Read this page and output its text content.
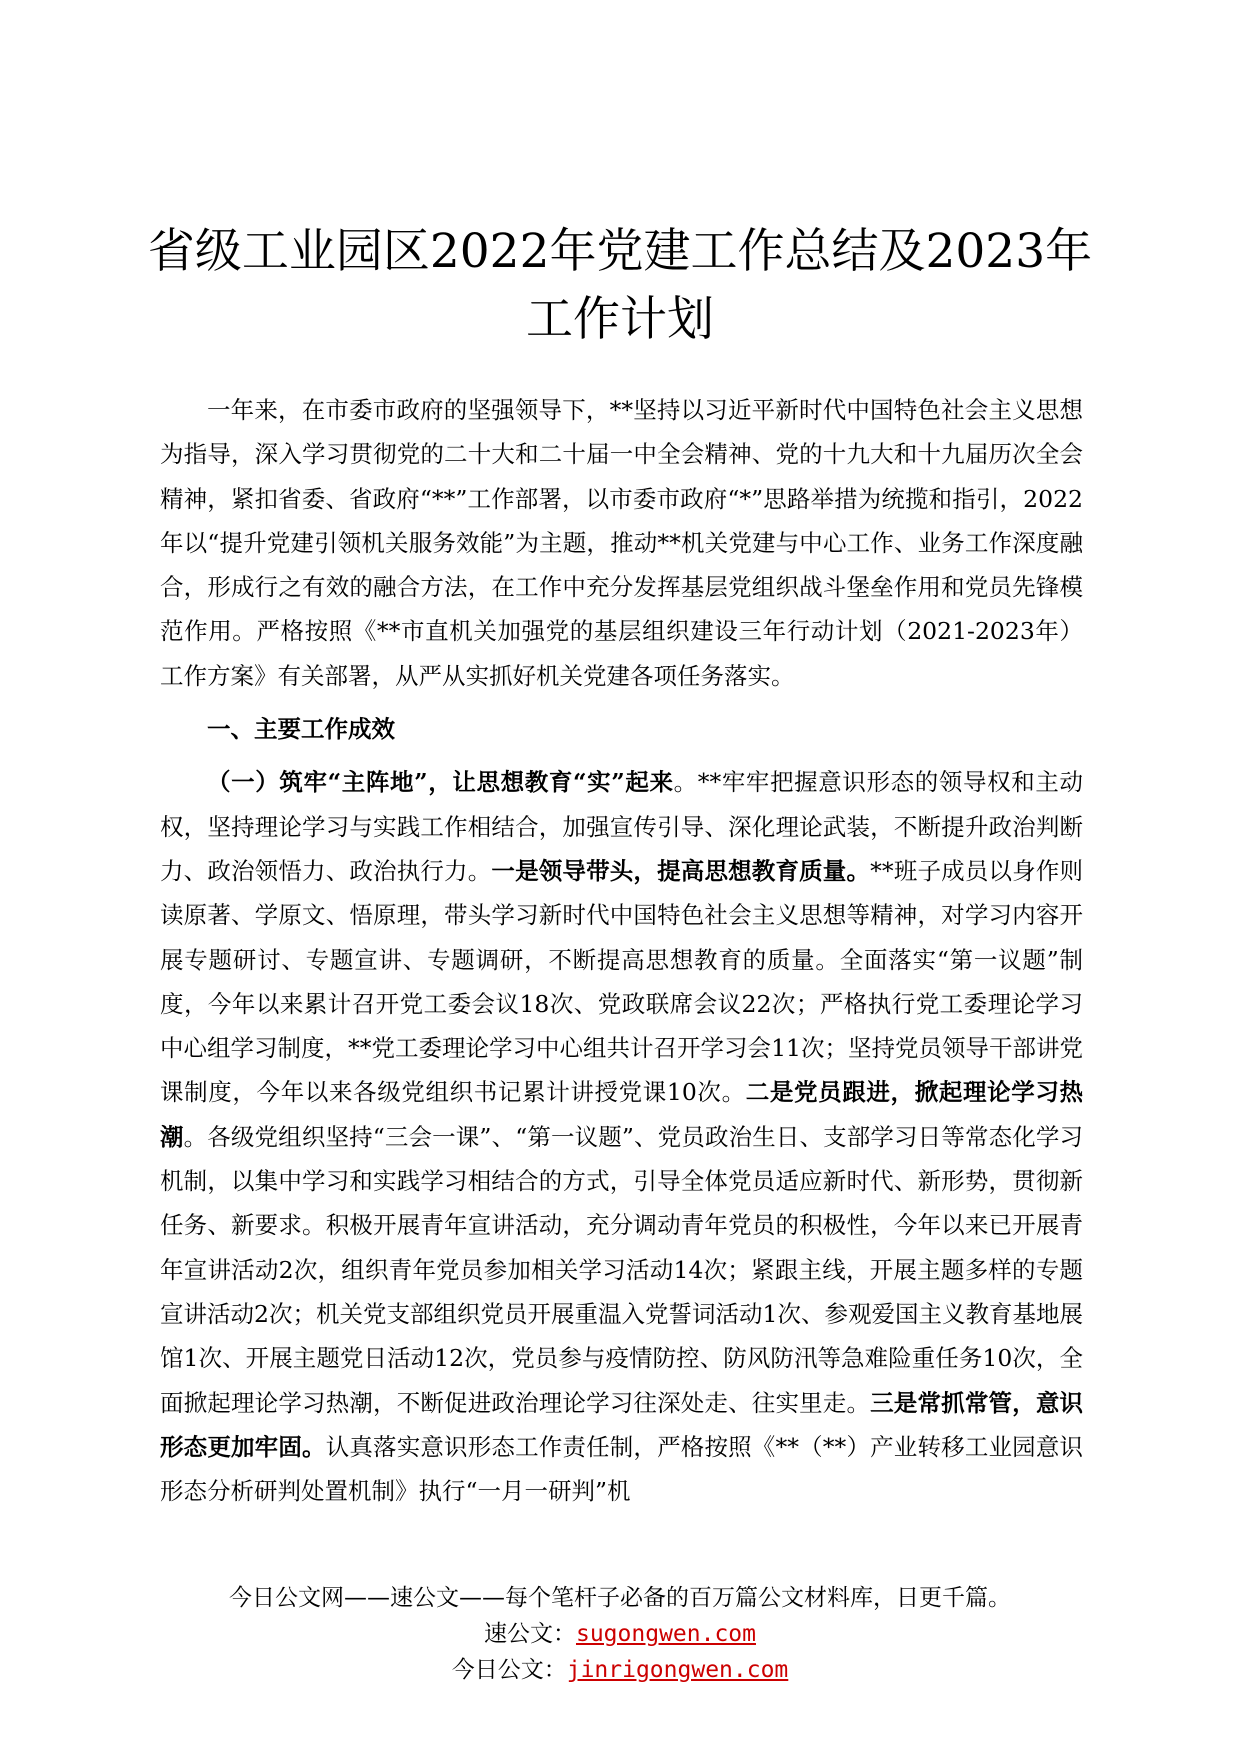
省级工业园区2022年党建工作总结及2023年
工作计划

一年来，在市委市政府的坚强领导下，**坚持以习近平新时代中国特色社会主义思想为指导，深入学习贯彻党的二十大和二十届一中全会精神、党的十九大和十九届历次全会精神，紧扣省委、省政府“**”工作部署，以市委市政府“*”思路举措为统揽和指引，2022年以“提升党建引领机关服务效能”为主题，推动**机关党建与中心工作、业务工作深度融合，形成行之有效的融合方法，在工作中充分发挥基层党组织战斗堡垒作用和党员先锋模范作用。严格按照《**市直机关加强党的基层组织建设三年行动计划（2021-2023年）工作方案》有关部署，从严从实抓好机关党建各项任务落实。

一、主要工作成效

（一）筑牢“主阵地”，让思想教育“实”起来。**牢牢把握意识形态的领导权和主动权，坚持理论学习与实践工作相结合，加强宣传引导、深化理论武装，不断提升政治判断力、政治领悟力、政治执行力。一是领导带头，提高思想教育质量。**班子成员以身作则读原著、学原文、悟原理，带头学习新时代中国特色社会主义思想等精神，对学习内容开展专题研讨、专题宣讲、专题调研，不断提高思想教育的质量。全面落实“第一议题”制度，今年以来累计召开党工委会议18次、党政联席会议22次；严格执行党工委理论学习中心组学习制度，**党工委理论学习中心组共计召开学习会11次；坚持党员领导干部讲党课制度，今年以来各级党组织书记累计讲授党课10次。二是党员跟进，掀起理论学习热潮。各级党组织坚持“三会一课”、“第一议题”、党员政治生日、支部学习日等常态化学习机制，以集中学习和实践学习相结合的方式，引导全体党员适应新时代、新形势，贯彻新任务、新要求。积极开展青年宣讲活动，充分调动青年党员的积极性，今年以来已开展青年宣讲活动2次，组织青年党员参加相关学习活动14次；紧跟主线，开展主题多样的专题宣讲活动2次；机关党支部组织党员开展重温入党誓词活动1次、参观爱国主义教育基地展馆1次、开展主题党日活动12次，党员参与疫情防控、防风防汛等急难险重任务10次，全面掀起理论学习热潮，不断促进政治理论学习往深处走、往实里走。三是常抓常管，意识形态更加牢固。认真落实意识形态工作责任制，严格按照《**（**）产业转移工业园意识形态分析研判处置机制》执行“一月一研判”机

今日公文网——速公文——每个笔杆子必备的百万篇公文材料库，日更千篇。
速公文：sugongwen.com
今日公文：jinrigongwen.com
